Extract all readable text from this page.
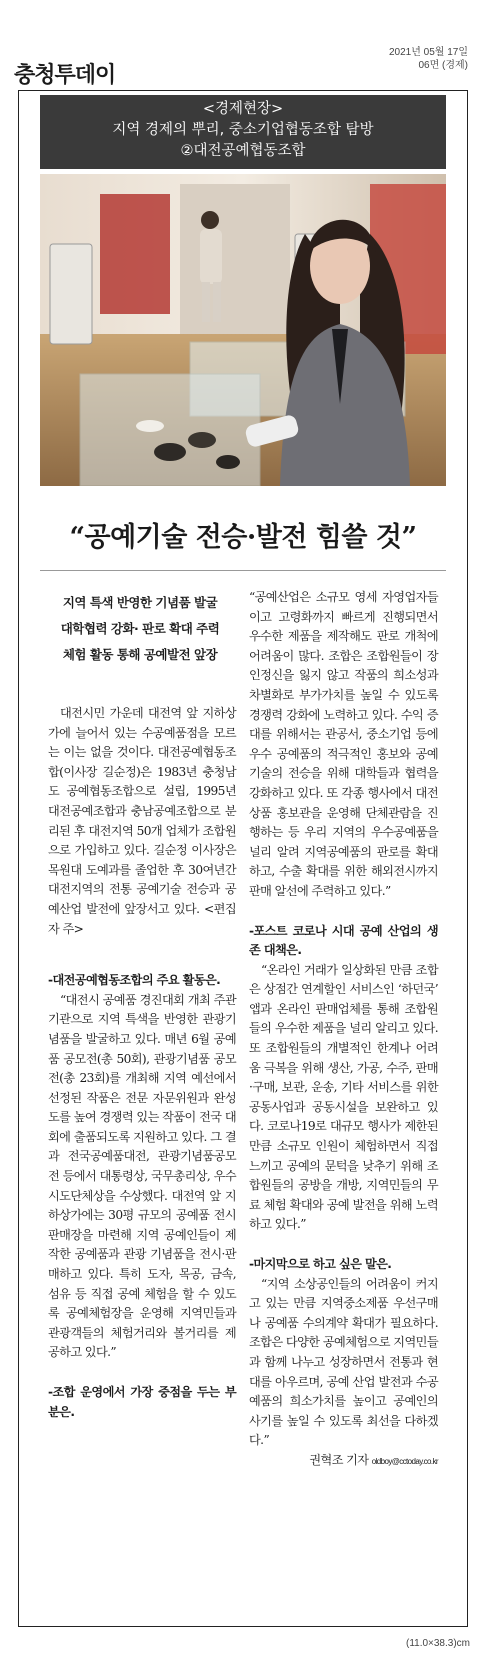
충청투데이
2021년 05월 17일
06면 (경제)
<경제현장>
지역 경제의 뿌리, 중소기업협동조합 탐방
②대전공예협동조합
“공예기술 전승·발전 힘쓸 것”
지역 특색 반영한 기념품 발굴
대학협력 강화· 판로 확대 주력
체험 활동 통해 공예발전 앞장

대전시민 가운데 대전역 앞 지하상가에 늘어서 있는 수공예품점을 모르는 이는 없을 것이다. 대전공예협동조합(이사장 길순정)은 1983년 충청남도 공예협동조합으로 설립, 1995년 대전공예조합과 충남공예조합으로 분리된 후 대전지역 50개 업체가 조합원으로 가입하고 있다. 길순정 이사장은 목원대 도예과를 졸업한 후 30여년간 대전지역의 전통 공예기술 전승과 공예산업 발전에 앞장서고 있다. <편집자 주>

-대전공예협동조합의 주요 활동은.

“대전시 공예품 경진대회 개최 주관기관으로 지역 특색을 반영한 관광기념품을 발굴하고 있다. 매년 6월 공예품 공모전(총 50회), 관광기념품 공모전(총 23회)를 개최해 지역 예선에서 선정된 작품은 전문 자문위원과 완성도를 높여 경쟁력 있는 작품이 전국 대회에 출품되도록 지원하고 있다. 그 결과 전국공예품대전, 관광기념품공모전 등에서 대통령상, 국무총리상, 우수시도단체상을 수상했다. 대전역 앞 지하상가에는 30평 규모의 공예품 전시 판매장을 마련해 지역 공예인들이 제작한 공예품과 관광 기념품을 전시·판매하고 있다. 특히 도자, 목공, 금속, 섬유 등 직접 공예 체험을 할 수 있도록 공예체험장을 운영해 지역민들과 관광객들의 체험거리와 볼거리를 제공하고 있다.”

-조합 운영에서 가장 중점을 두는 부분은.

“공예산업은 소규모 영세 자영업자들이고 고령화까지 빠르게 진행되면서 우수한 제품을 제작해도 판로 개척에 어려움이 많다. 조합은 조합원들이 장인정신을 잃지 않고 작품의 희소성과 차별화로 부가가치를 높일 수 있도록 경쟁력 강화에 노력하고 있다. 수익 증대를 위해서는 관공서, 중소기업 등에 우수 공예품의 적극적인 홍보와 공예기술의 전승을 위해 대학들과 협력을 강화하고 있다. 또 각종 행사에서 대전상품 홍보관을 운영해 단체관람을 진행하는 등 우리 지역의 우수공예품을 널리 알려 지역공예품의 판로를 확대하고, 수출 확대를 위한 해외전시까지 판매 알선에 주력하고 있다.”

-포스트 코로나 시대 공예 산업의 생존 대책은.

“온라인 거래가 일상화된 만큼 조합은 상점간 연계할인 서비스인 ‘하던국’ 앱과 온라인 판매업체를 통해 조합원들의 우수한 제품을 널리 알리고 있다. 또 조합원들의 개별적인 한계나 어려움 극복을 위해 생산, 가공, 수주, 판매·구매, 보관, 운송, 기타 서비스를 위한 공동사업과 공동시설을 보완하고 있다. 코로나19로 대규모 행사가 제한된 만큼 소규모 인원이 체험하면서 직접 느끼고 공예의 문턱을 낮추기 위해 조합원들의 공방을 개방, 지역민들의 무료 체험 확대와 공예 발전을 위해 노력하고 있다.”

-마지막으로 하고 싶은 말은.

“지역 소상공인들의 어려움이 커지고 있는 만큼 지역중소제품 우선구매나 공예품 수의계약 확대가 필요하다. 조합은 다양한 공예체험으로 지역민들과 함께 나누고 성장하면서 전통과 현대를 아우르며, 공예 산업 발전과 수공예품의 희소가치를 높이고 공예인의 사기를 높일 수 있도록 최선을 다하겠다.”

권혁조 기자 oldboy@cctoday.co.kr

(11.0×38.3)cm
